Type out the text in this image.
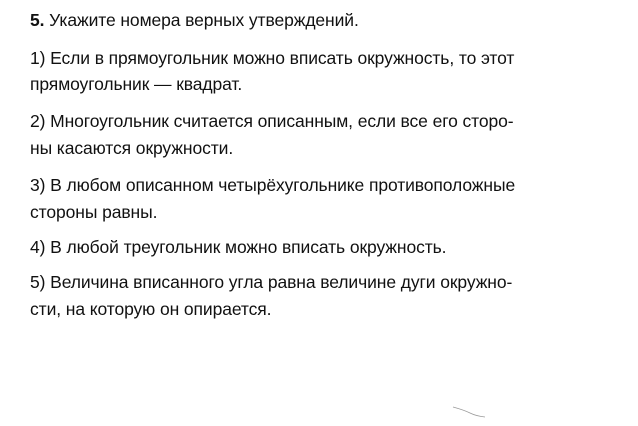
5. Укажите номера верных утверждений.
1) Если в прямоугольник можно вписать окружность, то этот
прямоугольник — квадрат.
2) Многоугольник считается описанным, если все его сторо-
ны касаются окружности.
3) В любом описанном четырёхугольнике противоположные
стороны равны.
4) В любой треугольник можно вписать окружность.
5) Величина вписанного угла равна величине дуги окружно-
сти, на которую он опирается.
